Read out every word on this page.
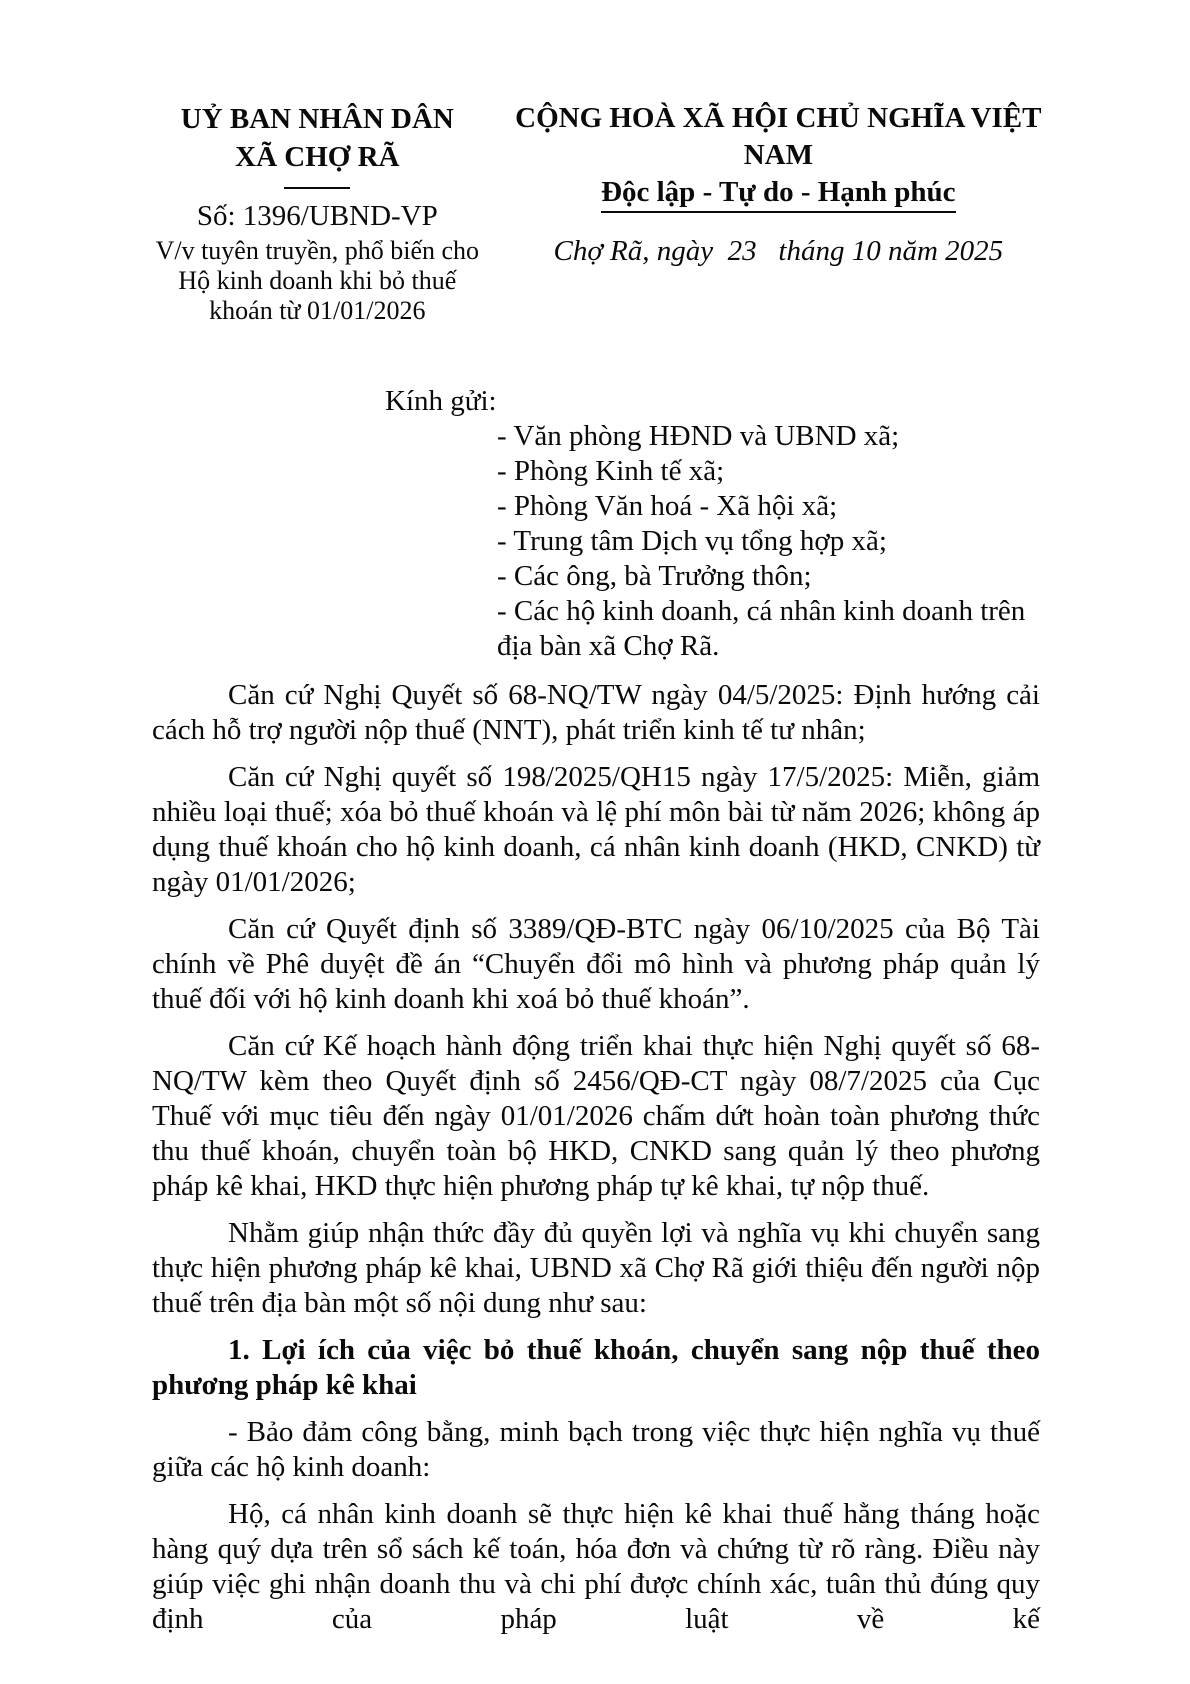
UỶ BAN NHÂN DÂN
XÃ CHỢ RÃ
Số: 1396/UBND-VP
V/v tuyên truyền, phổ biến cho
Hộ kinh doanh khi bỏ thuế
khoán từ 01/01/2026
CỘNG HOÀ XÃ HỘI CHỦ NGHĨA VIỆT NAM
Độc lập - Tự do - Hạnh phúc
Chợ Rã, ngày  23   tháng 10 năm 2025
Kính gửi:
- Văn phòng HĐND và UBND xã;
- Phòng Kinh tế xã;
- Phòng Văn hoá - Xã hội xã;
- Trung tâm Dịch vụ tổng hợp xã;
- Các ông, bà Trưởng thôn;
- Các hộ kinh doanh, cá nhân kinh doanh trên địa bàn xã Chợ Rã.
Căn cứ Nghị Quyết số 68-NQ/TW ngày 04/5/2025: Định hướng cải cách hỗ trợ người nộp thuế (NNT), phát triển kinh tế tư nhân;
Căn cứ Nghị quyết số 198/2025/QH15 ngày 17/5/2025: Miễn, giảm nhiều loại thuế; xóa bỏ thuế khoán và lệ phí môn bài từ năm 2026; không áp dụng thuế khoán cho hộ kinh doanh, cá nhân kinh doanh (HKD, CNKD) từ ngày 01/01/2026;
Căn cứ Quyết định số 3389/QĐ-BTC ngày 06/10/2025 của Bộ Tài chính về Phê duyệt đề án “Chuyển đổi mô hình và phương pháp quản lý thuế đối với hộ kinh doanh khi xoá bỏ thuế khoán”.
Căn cứ Kế hoạch hành động triển khai thực hiện Nghị quyết số 68-NQ/TW kèm theo Quyết định số 2456/QĐ-CT ngày 08/7/2025 của Cục Thuế với mục tiêu đến ngày 01/01/2026 chấm dứt hoàn toàn phương thức thu thuế khoán, chuyển toàn bộ HKD, CNKD sang quản lý theo phương pháp kê khai, HKD thực hiện phương pháp tự kê khai, tự nộp thuế.
Nhằm giúp nhận thức đầy đủ quyền lợi và nghĩa vụ khi chuyển sang thực hiện phương pháp kê khai, UBND xã Chợ Rã giới thiệu đến người nộp thuế trên địa bàn một số nội dung như sau:
1. Lợi ích của việc bỏ thuế khoán, chuyển sang nộp thuế theo phương pháp kê khai
- Bảo đảm công bằng, minh bạch trong việc thực hiện nghĩa vụ thuế giữa các hộ kinh doanh:
Hộ, cá nhân kinh doanh sẽ thực hiện kê khai thuế hằng tháng hoặc hàng quý dựa trên sổ sách kế toán, hóa đơn và chứng từ rõ ràng. Điều này giúp việc ghi nhận doanh thu và chi phí được chính xác, tuân thủ đúng quy định của pháp luật về kế
